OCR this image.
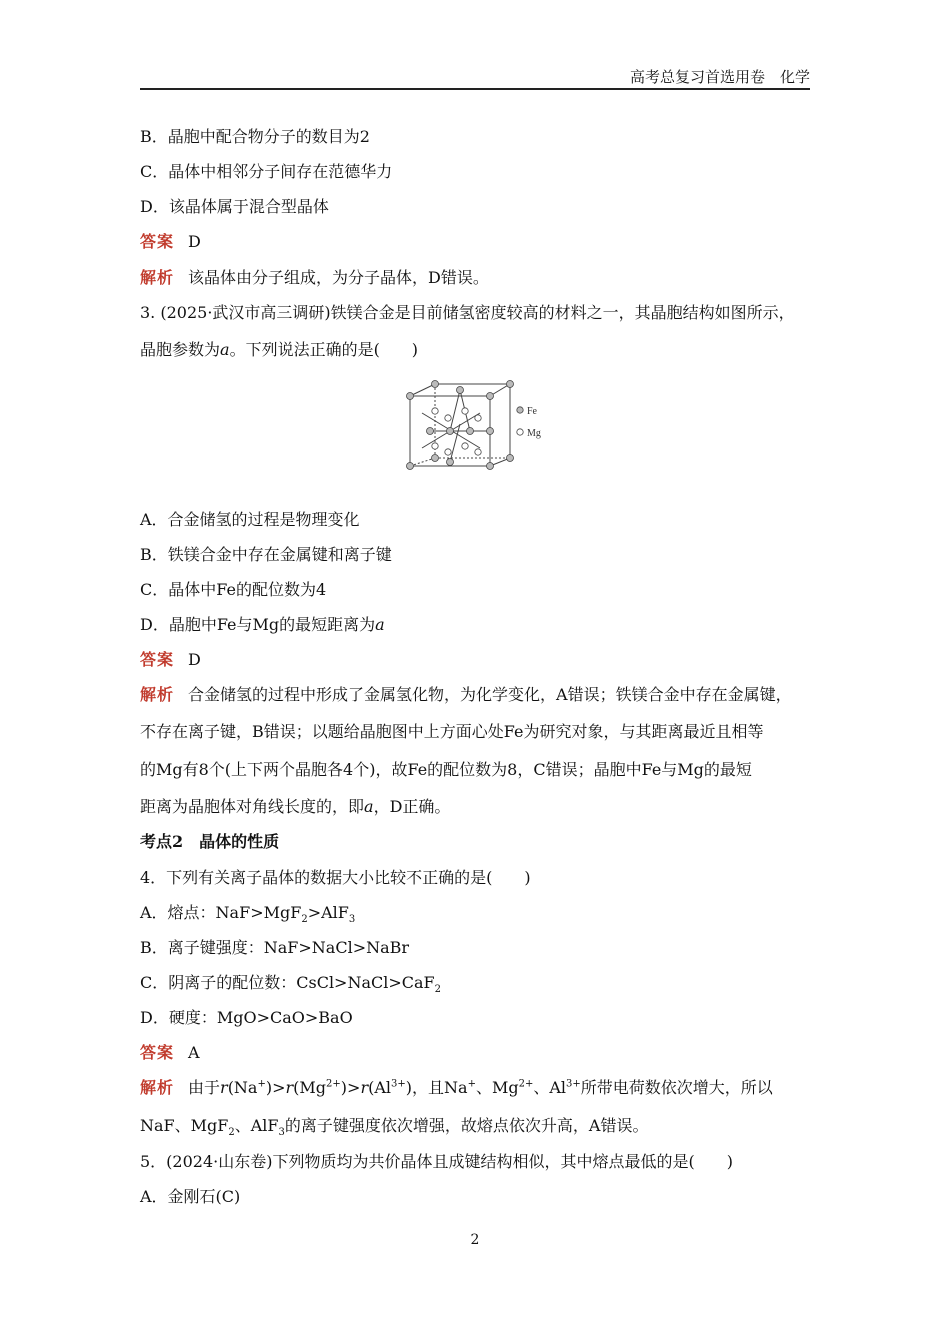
高考总复习首选用卷　化学
B．晶胞中配合物分子的数目为2
C．晶体中相邻分子间存在范德华力
D．该晶体属于混合型晶体
答案 D
解析 该晶体由分子组成，为分子晶体，D错误。
3. (2025·武汉市高三调研)铁镁合金是目前储氢密度较高的材料之一，其晶胞结构如图所示，
晶胞参数为a。下列说法正确的是(　　)
Fe
Mg
A．合金储氢的过程是物理变化
B．铁镁合金中存在金属键和离子键
C．晶体中Fe的配位数为4
D．晶胞中Fe与Mg的最短距离为a
答案 D
解析 合金储氢的过程中形成了金属氢化物，为化学变化，A错误；铁镁合金中存在金属键，
不存在离子键，B错误；以题给晶胞图中上方面心处Fe为研究对象，与其距离最近且相等
的Mg有8个(上下两个晶胞各4个)，故Fe的配位数为8，C错误；晶胞中Fe与Mg的最短
距离为晶胞体对角线长度的，即a，D正确。
考点2　晶体的性质
4．下列有关离子晶体的数据大小比较不正确的是(　　)
A．熔点：NaF>MgF$_2$>AlF$_3$
B．离子键强度：NaF>NaCl>NaBr
C．阴离子的配位数：CsCl>NaCl>CaF$_2$
D．硬度：MgO>CaO>BaO
答案 A
解析 由于$r(Na^+)>r(Mg^{2+})>r(Al^{3+})$，且Na+、$Mg^{2+}$、$Al^{3+}$所带电荷数依次增大，所以
NaF、MgF$_2$、AlF$_3$的离子键强度依次增强，故熔点依次升高，A错误。
5．(2024·山东卷)下列物质均为共价晶体且成键结构相似，其中熔点最低的是(　　)
A．金刚石(C)
2
